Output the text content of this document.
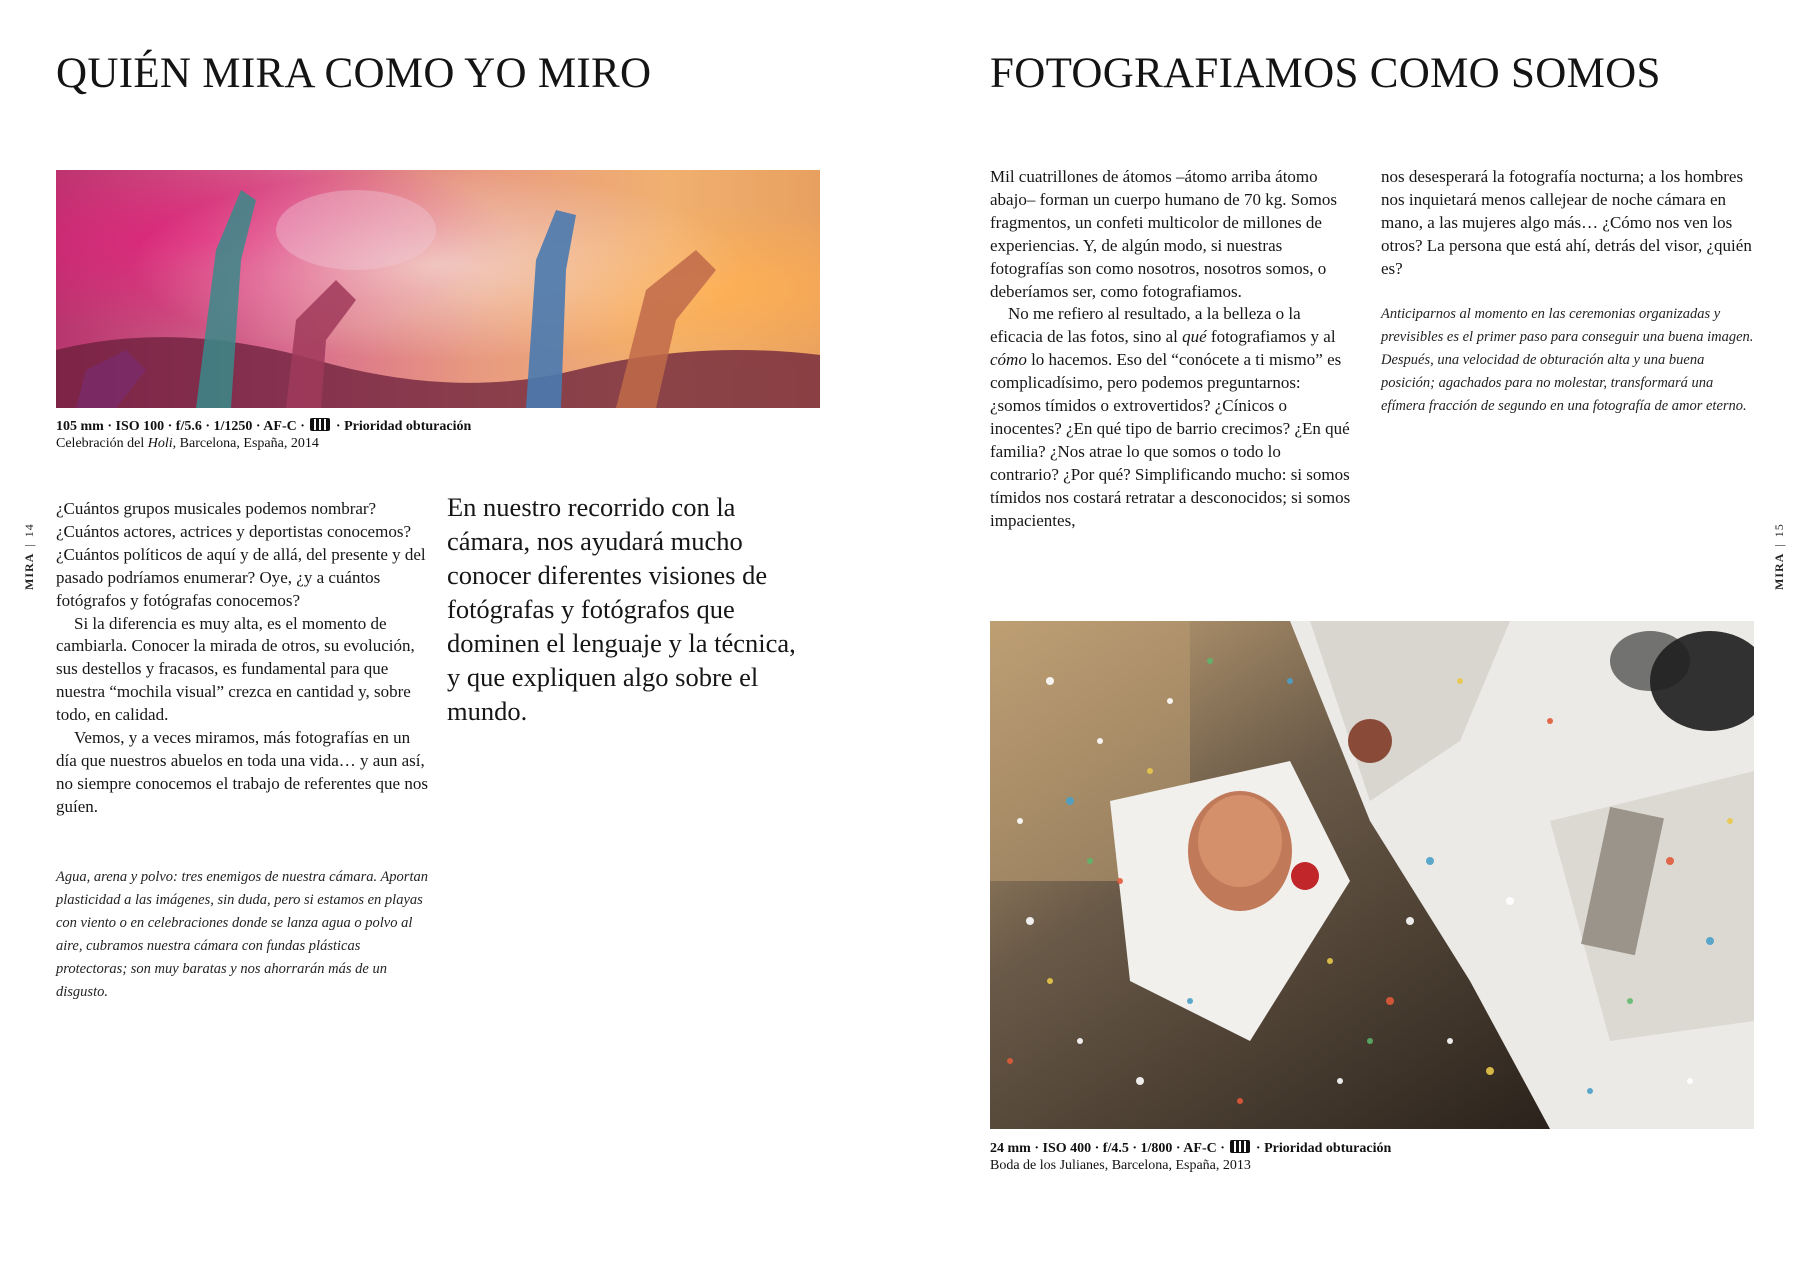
QUIÉN MIRA COMO YO MIRO
105 mm · ISO 100 · f/5.6 · 1/1250 · AF-C ·  · Prioridad obturación
Celebración del Holi, Barcelona, España, 2014

¿Cuántos grupos musicales podemos nombrar? ¿Cuántos actores, actrices y deportistas conocemos? ¿Cuántos políticos de aquí y de allá, del presente y del pasado podríamos enumerar? Oye, ¿y a cuántos fotógrafos y fotógrafas conocemos?

Si la diferencia es muy alta, es el momento de cambiarla. Conocer la mirada de otros, su evolución, sus destellos y fracasos, es fundamental para que nuestra “mochila visual” crezca en cantidad y, sobre todo, en calidad.

Vemos, y a veces miramos, más fotografías en un día que nuestros abuelos en toda una vida… y aun así, no siempre conocemos el trabajo de referentes que nos guíen.

Agua, arena y polvo: tres enemigos de nuestra cámara. Aportan plasticidad a las imágenes, sin duda, pero si estamos en playas con viento o en celebraciones donde se lanza agua o polvo al aire, cubramos nuestra cámara con fundas plásticas protectoras; son muy baratas y nos ahorrarán más de un disgusto.
En nuestro recorrido con la cámara, nos ayudará mucho conocer diferentes visiones de fotógrafas y fotógrafos que dominen el lenguaje y la técnica, y que expliquen algo sobre el mundo.
MIRA|14
FOTOGRAFIAMOS COMO SOMOS

Mil cuatrillones de átomos –átomo arriba átomo abajo– forman un cuerpo humano de 70 kg. Somos fragmentos, un confeti multicolor de millones de experiencias. Y, de algún modo, si nuestras fotografías son como nosotros, nosotros somos, o deberíamos ser, como fotografiamos.

No me refiero al resultado, a la belleza o la eficacia de las fotos, sino al qué fotografiamos y al cómo lo hacemos. Eso del “conócete a ti mismo” es complicadísimo, pero podemos preguntarnos: ¿somos tímidos o extrovertidos? ¿Cínicos o inocentes? ¿En qué tipo de barrio crecimos? ¿En qué familia? ¿Nos atrae lo que somos o todo lo contrario? ¿Por qué? Simplificando mucho: si somos tímidos nos costará retratar a desconocidos; si somos impacientes,

nos desesperará la fotografía nocturna; a los hombres nos inquietará menos callejear de noche cámara en mano, a las mujeres algo más… ¿Cómo nos ven los otros? La persona que está ahí, detrás del visor, ¿quién es?

Anticiparnos al momento en las ceremonias organizadas y previsibles es el primer paso para conseguir una buena imagen. Después, una velocidad de obturación alta y una buena posición; agachados para no molestar, transformará una efímera fracción de segundo en una fotografía de amor eterno.
24 mm · ISO 400 · f/4.5 · 1/800 · AF-C ·  · Prioridad obturación
Boda de los Julianes, Barcelona, España, 2013
MIRA|15
